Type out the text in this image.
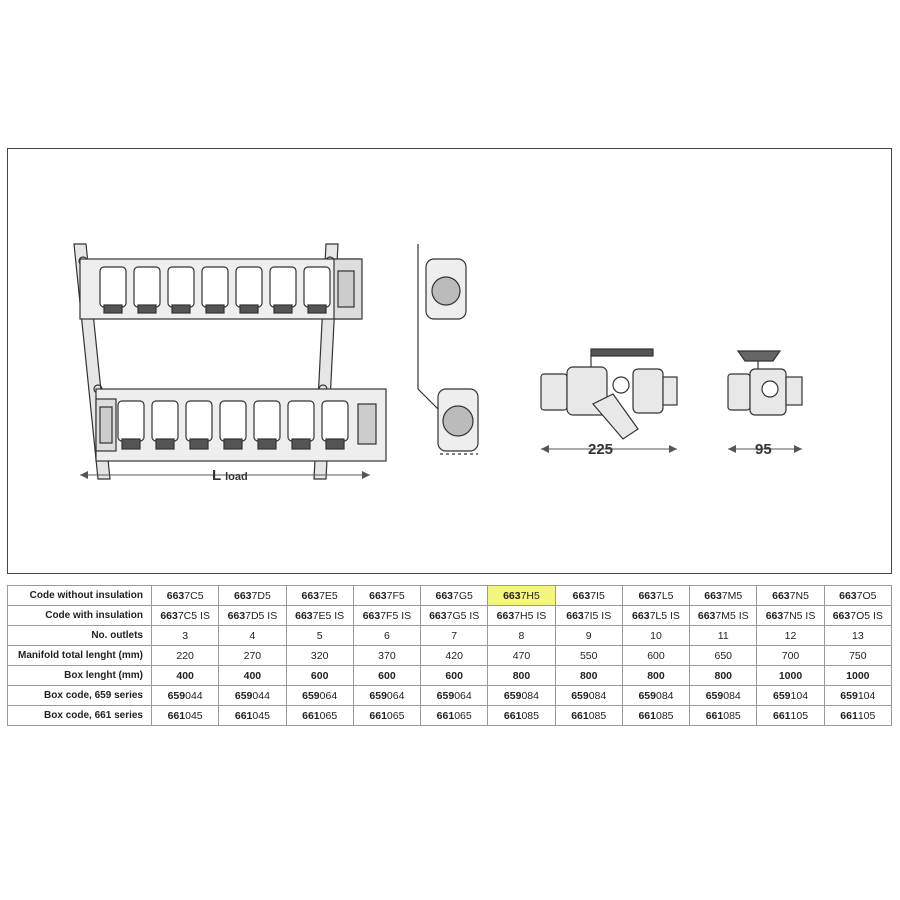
L load
225	95
Code without insulation	6637C5	6637D5	6637E5	6637F5	6637G5	6637H5	6637I5	6637L5	6637M5	6637N5	6637O5
Code with insulation	6637C5 IS	6637D5 IS	6637E5 IS	6637F5 IS	6637G5 IS	6637H5 IS	6637I5 IS	6637L5 IS	6637M5 IS	6637N5 IS	6637O5 IS
No. outlets	3	4	5	6	7	8	9	10	11	12	13
Manifold total lenght (mm)	220	270	320	370	420	470	550	600	650	700	750
Box lenght (mm)	400	400	600	600	600	800	800	800	800	1000	1000
Box code, 659 series	659044	659044	659064	659064	659064	659084	659084	659084	659084	659104	659104
Box code, 661 series	661045	661045	661065	661065	661065	661085	661085	661085	661085	661105	661105
